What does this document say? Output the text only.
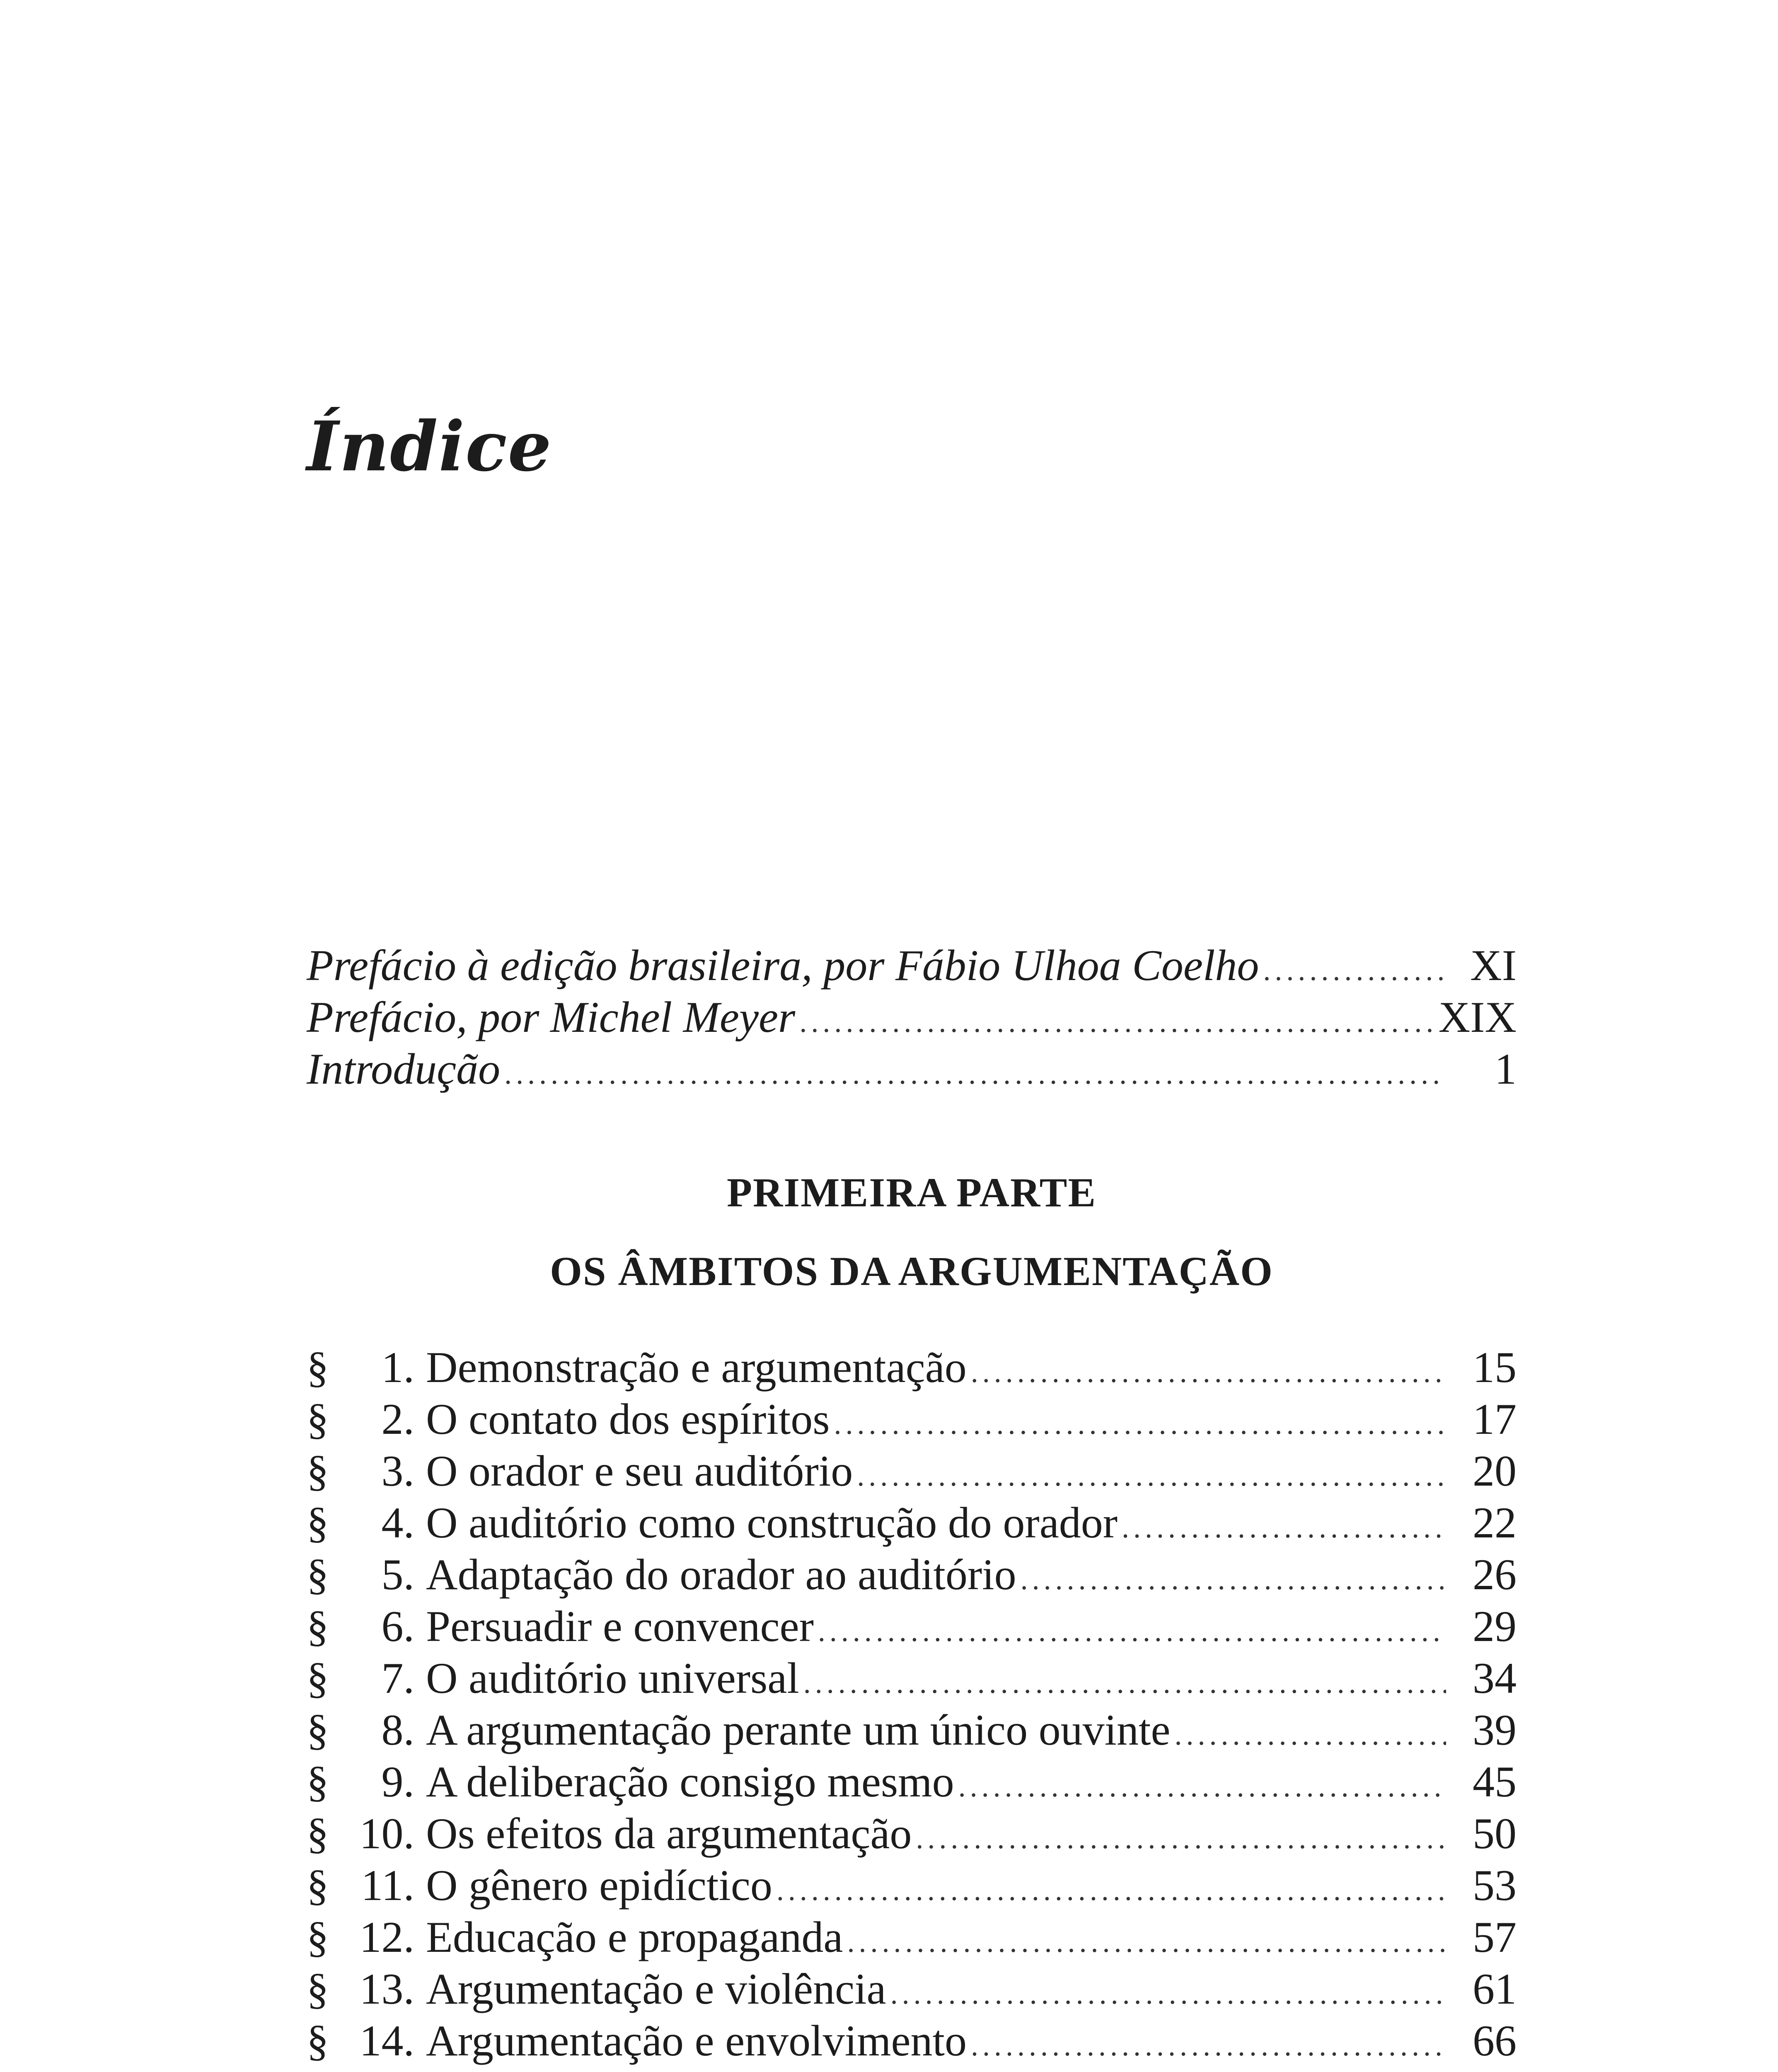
Índice
Prefácio à edição brasileira, por Fábio Ulhoa Coelho .....	XI
Prefácio, por Michel Meyer .....	XIX
Introdução .....	1
PRIMEIRA PARTE
OS ÂMBITOS DA ARGUMENTAÇÃO
§	1. Demonstração e argumentação .....	15
§	2. O contato dos espíritos .....	17
§	3. O orador e seu auditório .....	20
§	4. O auditório como construção do orador .....	22
§	5. Adaptação do orador ao auditório .....	26
§	6. Persuadir e convencer .....	29
§	7. O auditório universal .....	34
§	8. A argumentação perante um único ouvinte .....	39
§	9. A deliberação consigo mesmo .....	45
§ 10. Os efeitos da argumentação .....	50
§ 11. O gênero epidíctico .....	53
§ 12. Educação e propaganda .....	57
§ 13. Argumentação e violência .....	61
§ 14. Argumentação e envolvimento .....	66
